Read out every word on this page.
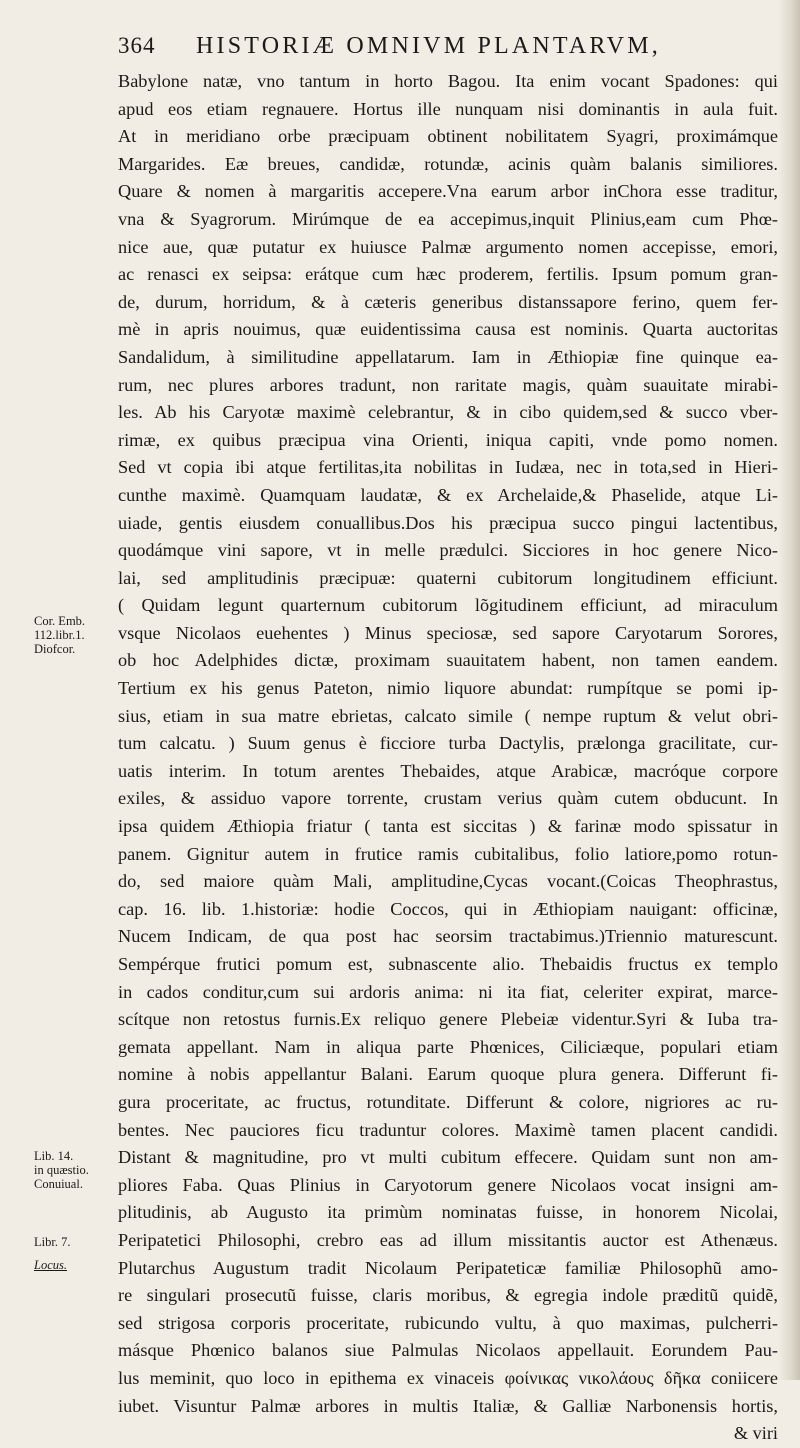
364 HISTORIÆ OMNIVM PLANTARVM,
Cor. Emb.
112.libr.1.
Diofcor.
Lib. 14.
in quæstio.
Conuiual.
Libr. 7.
Locus.
Babylone natæ, vno tantum in horto Bagou. Ita enim vocant Spadones: qui
apud eos etiam regnauere. Hortus ille nunquam nisi dominantis in aula fuit.
At in meridiano orbe præcipuam obtinent nobilitatem Syagri, proximámque
Margarides. Eæ breues, candidæ, rotundæ, acinis quàm balanis similiores.
Quare & nomen à margaritis accepere.Vna earum arbor inChora esse traditur,
vna & Syagrorum. Mirúmque de ea accepimus,inquit Plinius,eam cum Phœ-
nice aue, quæ putatur ex huiusce Palmæ argumento nomen accepisse, emori,
ac renasci ex seipsa: erátque cum hæc proderem, fertilis. Ipsum pomum gran-
de, durum, horridum, & à cæteris generibus distanssapore ferino, quem fer-
mè in apris nouimus, quæ euidentissima causa est nominis. Quarta auctoritas
Sandalidum, à similitudine appellatarum. Iam in Æthiopiæ fine quinque ea-
rum, nec plures arbores tradunt, non raritate magis, quàm suauitate mirabi-
les. Ab his Caryotæ maximè celebrantur, & in cibo quidem,sed & succo vber-
rimæ, ex quibus præcipua vina Orienti, iniqua capiti, vnde pomo nomen.
Sed vt copia ibi atque fertilitas,ita nobilitas in Iudæa, nec in tota,sed in Hieri-
cunthe maximè. Quamquam laudatæ, & ex Archelaide,& Phaselide, atque Li-
uiade, gentis eiusdem conuallibus.Dos his præcipua succo pingui lactentibus,
quodámque vini sapore, vt in melle prædulci. Sicciores in hoc genere Nico-
lai, sed amplitudinis præcipuæ: quaterni cubitorum longitudinem efficiunt.
( Quidam legunt quarternum cubitorum lõgitudinem efficiunt, ad miraculum
vsque Nicolaos euehentes ) Minus speciosæ, sed sapore Caryotarum Sorores,
ob hoc Adelphides dictæ, proximam suauitatem habent, non tamen eandem.
Tertium ex his genus Pateton, nimio liquore abundat: rumpítque se pomi ip-
sius, etiam in sua matre ebrietas, calcato simile ( nempe ruptum & velut obri-
tum calcatu. ) Suum genus è ficciore turba Dactylis, prælonga gracilitate, cur-
uatis interim. In totum arentes Thebaides, atque Arabicæ, macróque corpore
exiles, & assiduo vapore torrente, crustam verius quàm cutem obducunt. In
ipsa quidem Æthiopia friatur ( tanta est siccitas ) & farinæ modo spissatur in
panem. Gignitur autem in frutice ramis cubitalibus, folio latiore,pomo rotun-
do, sed maiore quàm Mali, amplitudine,Cycas vocant.(Coicas Theophrastus,
cap. 16. lib. 1.historiæ: hodie Coccos, qui in Æthiopiam nauigant: officinæ,
Nucem Indicam, de qua post hac seorsim tractabimus.)Triennio maturescunt.
Sempérque frutici pomum est, subnascente alio. Thebaidis fructus ex templo
in cados conditur,cum sui ardoris anima: ni ita fiat, celeriter expirat, marce-
scítque non retostus furnis.Ex reliquo genere Plebeiæ videntur.Syri & Iuba tra-
gemata appellant. Nam in aliqua parte Phœnices, Ciliciæque, populari etiam
nomine à nobis appellantur Balani. Earum quoque plura genera. Differunt fi-
gura proceritate, ac fructus, rotunditate. Differunt & colore, nigriores ac ru-
bentes. Nec pauciores ficu traduntur colores. Maximè tamen placent candidi.
Distant & magnitudine, pro vt multi cubitum effecere. Quidam sunt non am-
pliores Faba. Quas Plinius in Caryotorum genere Nicolaos vocat insigni am-
plitudinis, ab Augusto ita primùm nominatas fuisse, in honorem Nicolai,
Peripatetici Philosophi, crebro eas ad illum missitantis auctor est Athenæus.
Plutarchus Augustum tradit Nicolaum Peripateticæ familiæ Philosophũ amo-
re singulari prosecutũ fuisse, claris moribus, & egregia indole præditũ quidẽ,
sed strigosa corporis proceritate, rubicundo vultu, à quo maximas, pulcherri-
másque Phœnico balanos siue Palmulas Nicolaos appellauit. Eorundem Pau-
lus meminit, quo loco in epithema ex vinaceis φοίνικας νικολάους δῆκα coniicere
iubet. Visuntur Palmæ arbores in multis Italiæ, & Galliæ Narbonensis hortis,
& viri
